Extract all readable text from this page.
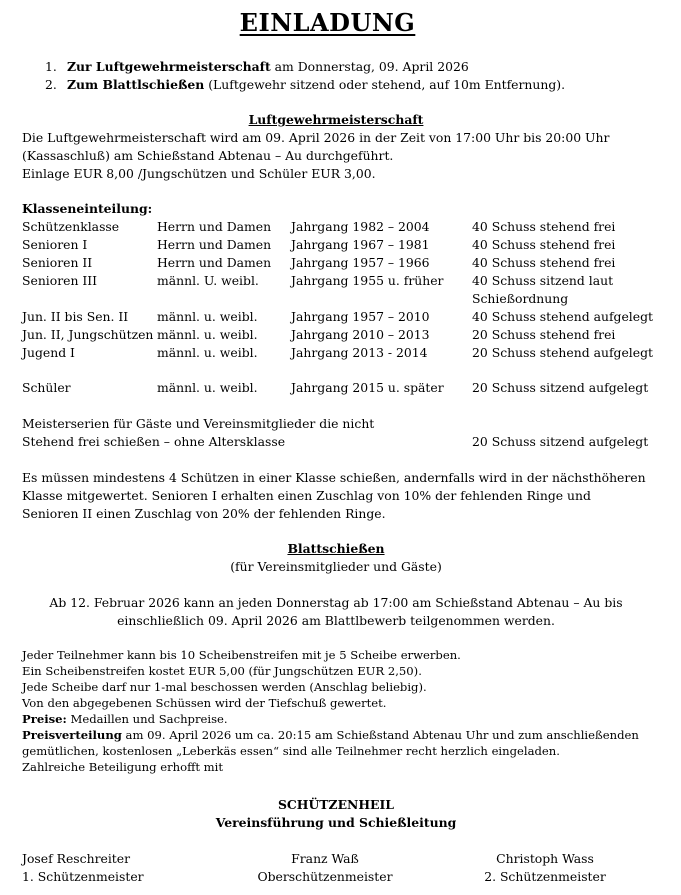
EINLADUNG
1. Zur Luftgewehrmeisterschaft am Donnerstag, 09. April 2026
2. Zum Blattlschießen (Luftgewehr sitzend oder stehend, auf 10m Entfernung).
Luftgewehrmeisterschaft
Die Luftgewehrmeisterschaft wird am 09. April 2026 in der Zeit von 17:00 Uhr bis 20:00 Uhr
(Kassaschluß) am Schießstand Abtenau – Au durchgeführt.
Einlage EUR 8,00 /Jungschützen und Schüler EUR 3,00.
Klasseneinteilung:
Schützenklasse	Herrn und Damen Jahrgang 1982 – 2004	40 Schuss stehend frei
Senioren I	Herrn und Damen Jahrgang 1967 – 1981	40 Schuss stehend frei
Senioren II	Herrn und Damen Jahrgang 1957 – 1966	40 Schuss stehend frei
Senioren III	männl. U. weibl.	Jahrgang 1955 u. früher 40 Schuss sitzend laut
Schießordnung
Jun. II bis Sen. II männl. u. weibl.	Jahrgang 1957 – 2010	40 Schuss stehend aufgelegt
Jun. II, Jungschützen männl. u. weibl.	Jahrgang 2010 – 2013	20 Schuss stehend frei
Jugend I	männl. u. weibl.	Jahrgang 2013 - 2014	20 Schuss stehend aufgelegt
Schüler	männl. u. weibl.	Jahrgang 2015 u. später 20 Schuss sitzend aufgelegt
Meisterserien für Gäste und Vereinsmitglieder die nicht
Stehend frei schießen – ohne Altersklasse	20 Schuss sitzend aufgelegt
Es müssen mindestens 4 Schützen in einer Klasse schießen, andernfalls wird in der nächsthöheren
Klasse mitgewertet. Senioren I erhalten einen Zuschlag von 10% der fehlenden Ringe und
Senioren II einen Zuschlag von 20% der fehlenden Ringe.
Blattschießen
(für Vereinsmitglieder und Gäste)
Ab 12. Februar 2026 kann an jeden Donnerstag ab 17:00 am Schießstand Abtenau – Au bis
einschließlich 09. April 2026 am Blattlbewerb teilgenommen werden.
Jeder Teilnehmer kann bis 10 Scheibenstreifen mit je 5 Scheibe erwerben.
Ein Scheibenstreifen kostet EUR 5,00 (für Jungschützen EUR 2,50).
Jede Scheibe darf nur 1-mal beschossen werden (Anschlag beliebig).
Von den abgegebenen Schüssen wird der Tiefschuß gewertet.
Preise: Medaillen und Sachpreise.
Preisverteilung am 09. April 2026 um ca. 20:15 am Schießstand Abtenau Uhr und zum anschließenden
gemütlichen, kostenlosen „Leberkäs essen“ sind alle Teilnehmer recht herzlich eingeladen.
Zahlreiche Beteiligung erhofft mit
SCHÜTZENHEIL
Vereinsführung und Schießleitung
Josef Reschreiter
1. Schützenmeister
Franz Waß
Oberschützenmeister
Christoph Wass
2. Schützenmeister
